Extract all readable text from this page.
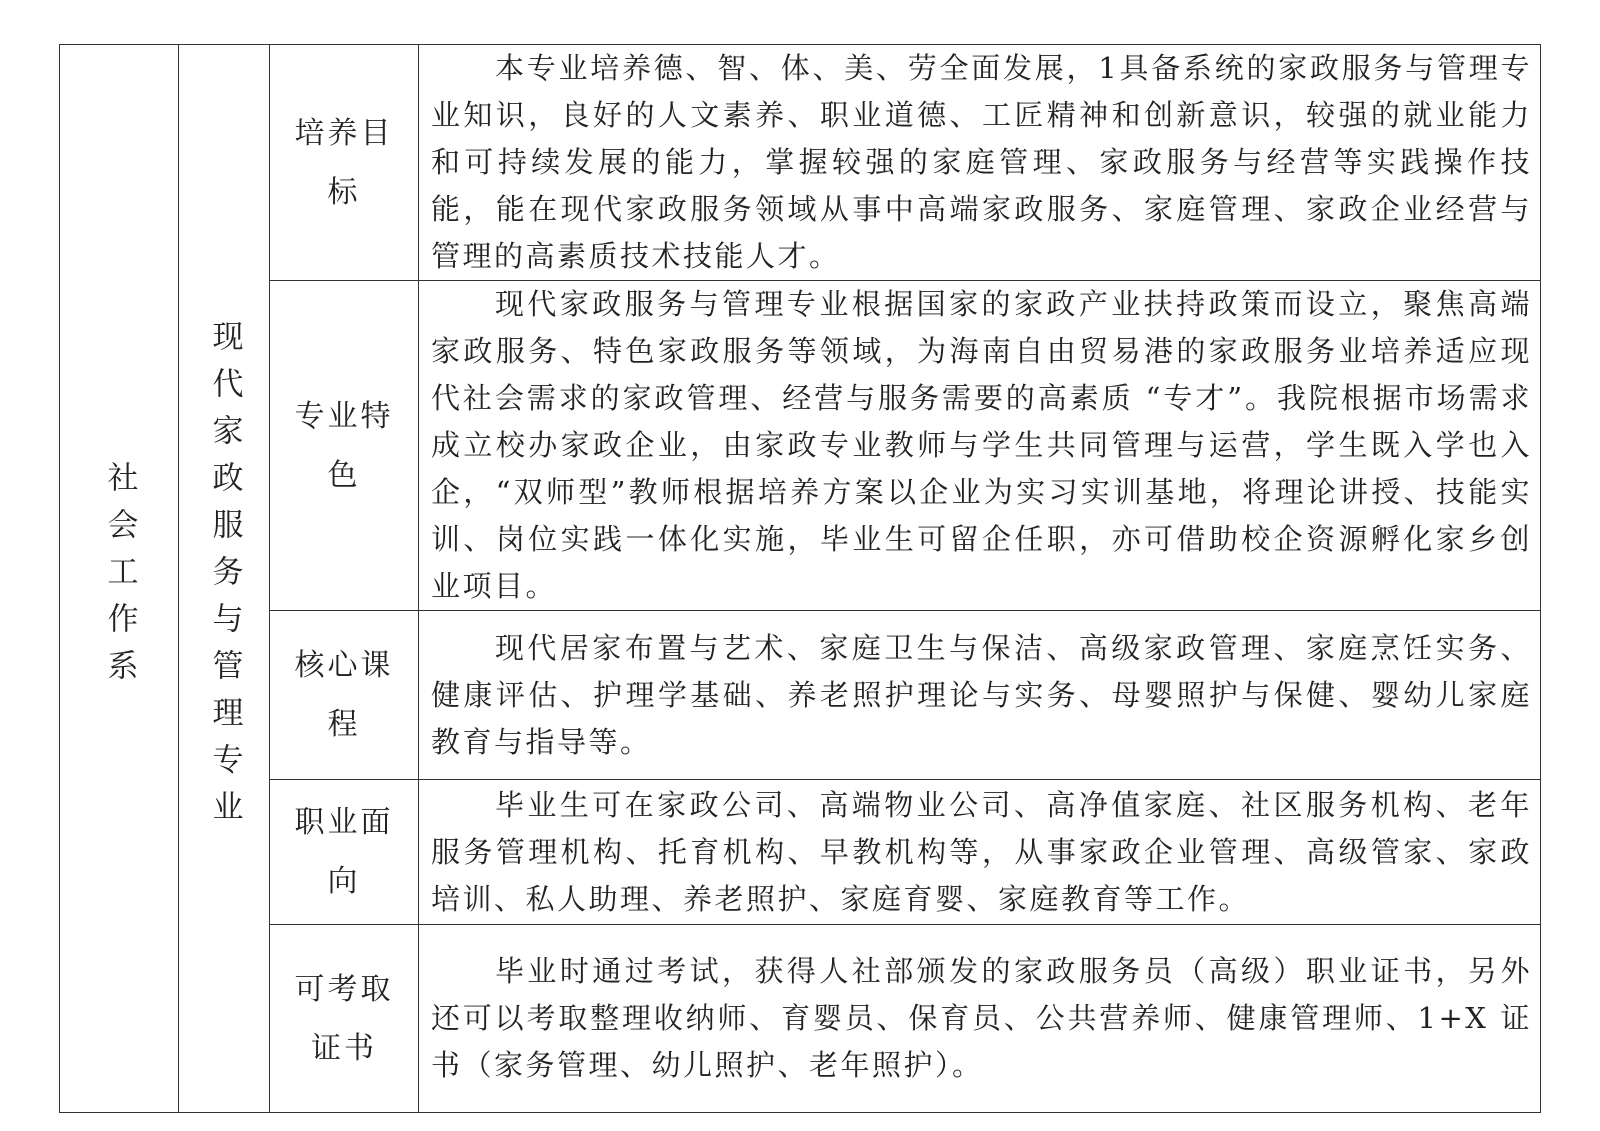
社会工作系	现代家政服务与管理专业	培养目标	本专业培养德、智、体、美、劳全面发展，1具备系统的家政服务与管理专业知识，良好的人文素养、职业道德、工匠精神和创新意识，较强的就业能力和可持续发展的能力，掌握较强的家庭管理、家政服务与经营等实践操作技能，能在现代家政服务领域从事中高端家政服务、家庭管理、家政企业经营与管理的高素质技术技能人才。

		专业特色	现代家政服务与管理专业根据国家的家政产业扶持政策而设立，聚焦高端家政服务、特色家政服务等领域，为海南自由贸易港的家政服务业培养适应现代社会需求的家政管理、经营与服务需要的高素质 “专才”。我院根据市场需求成立校办家政企业，由家政专业教师与学生共同管理与运营，学生既入学也入企，“双师型”教师根据培养方案以企业为实习实训基地，将理论讲授、技能实训、岗位实践一体化实施，毕业生可留企任职，亦可借助校企资源孵化家乡创业项目。

		核心课程	现代居家布置与艺术、家庭卫生与保洁、高级家政管理、家庭烹饪实务、健康评估、护理学基础、养老照护理论与实务、母婴照护与保健、婴幼儿家庭教育与指导等。

		职业面向	毕业生可在家政公司、高端物业公司、高净值家庭、社区服务机构、老年服务管理机构、托育机构、早教机构等，从事家政企业管理、高级管家、家政培训、私人助理、养老照护、家庭育婴、家庭教育等工作。

		可考取证书	毕业时通过考试，获得人社部颁发的家政服务员（高级）职业证书，另外还可以考取整理收纳师、育婴员、保育员、公共营养师、健康管理师、1+X 证书（家务管理、幼儿照护、老年照护）。
